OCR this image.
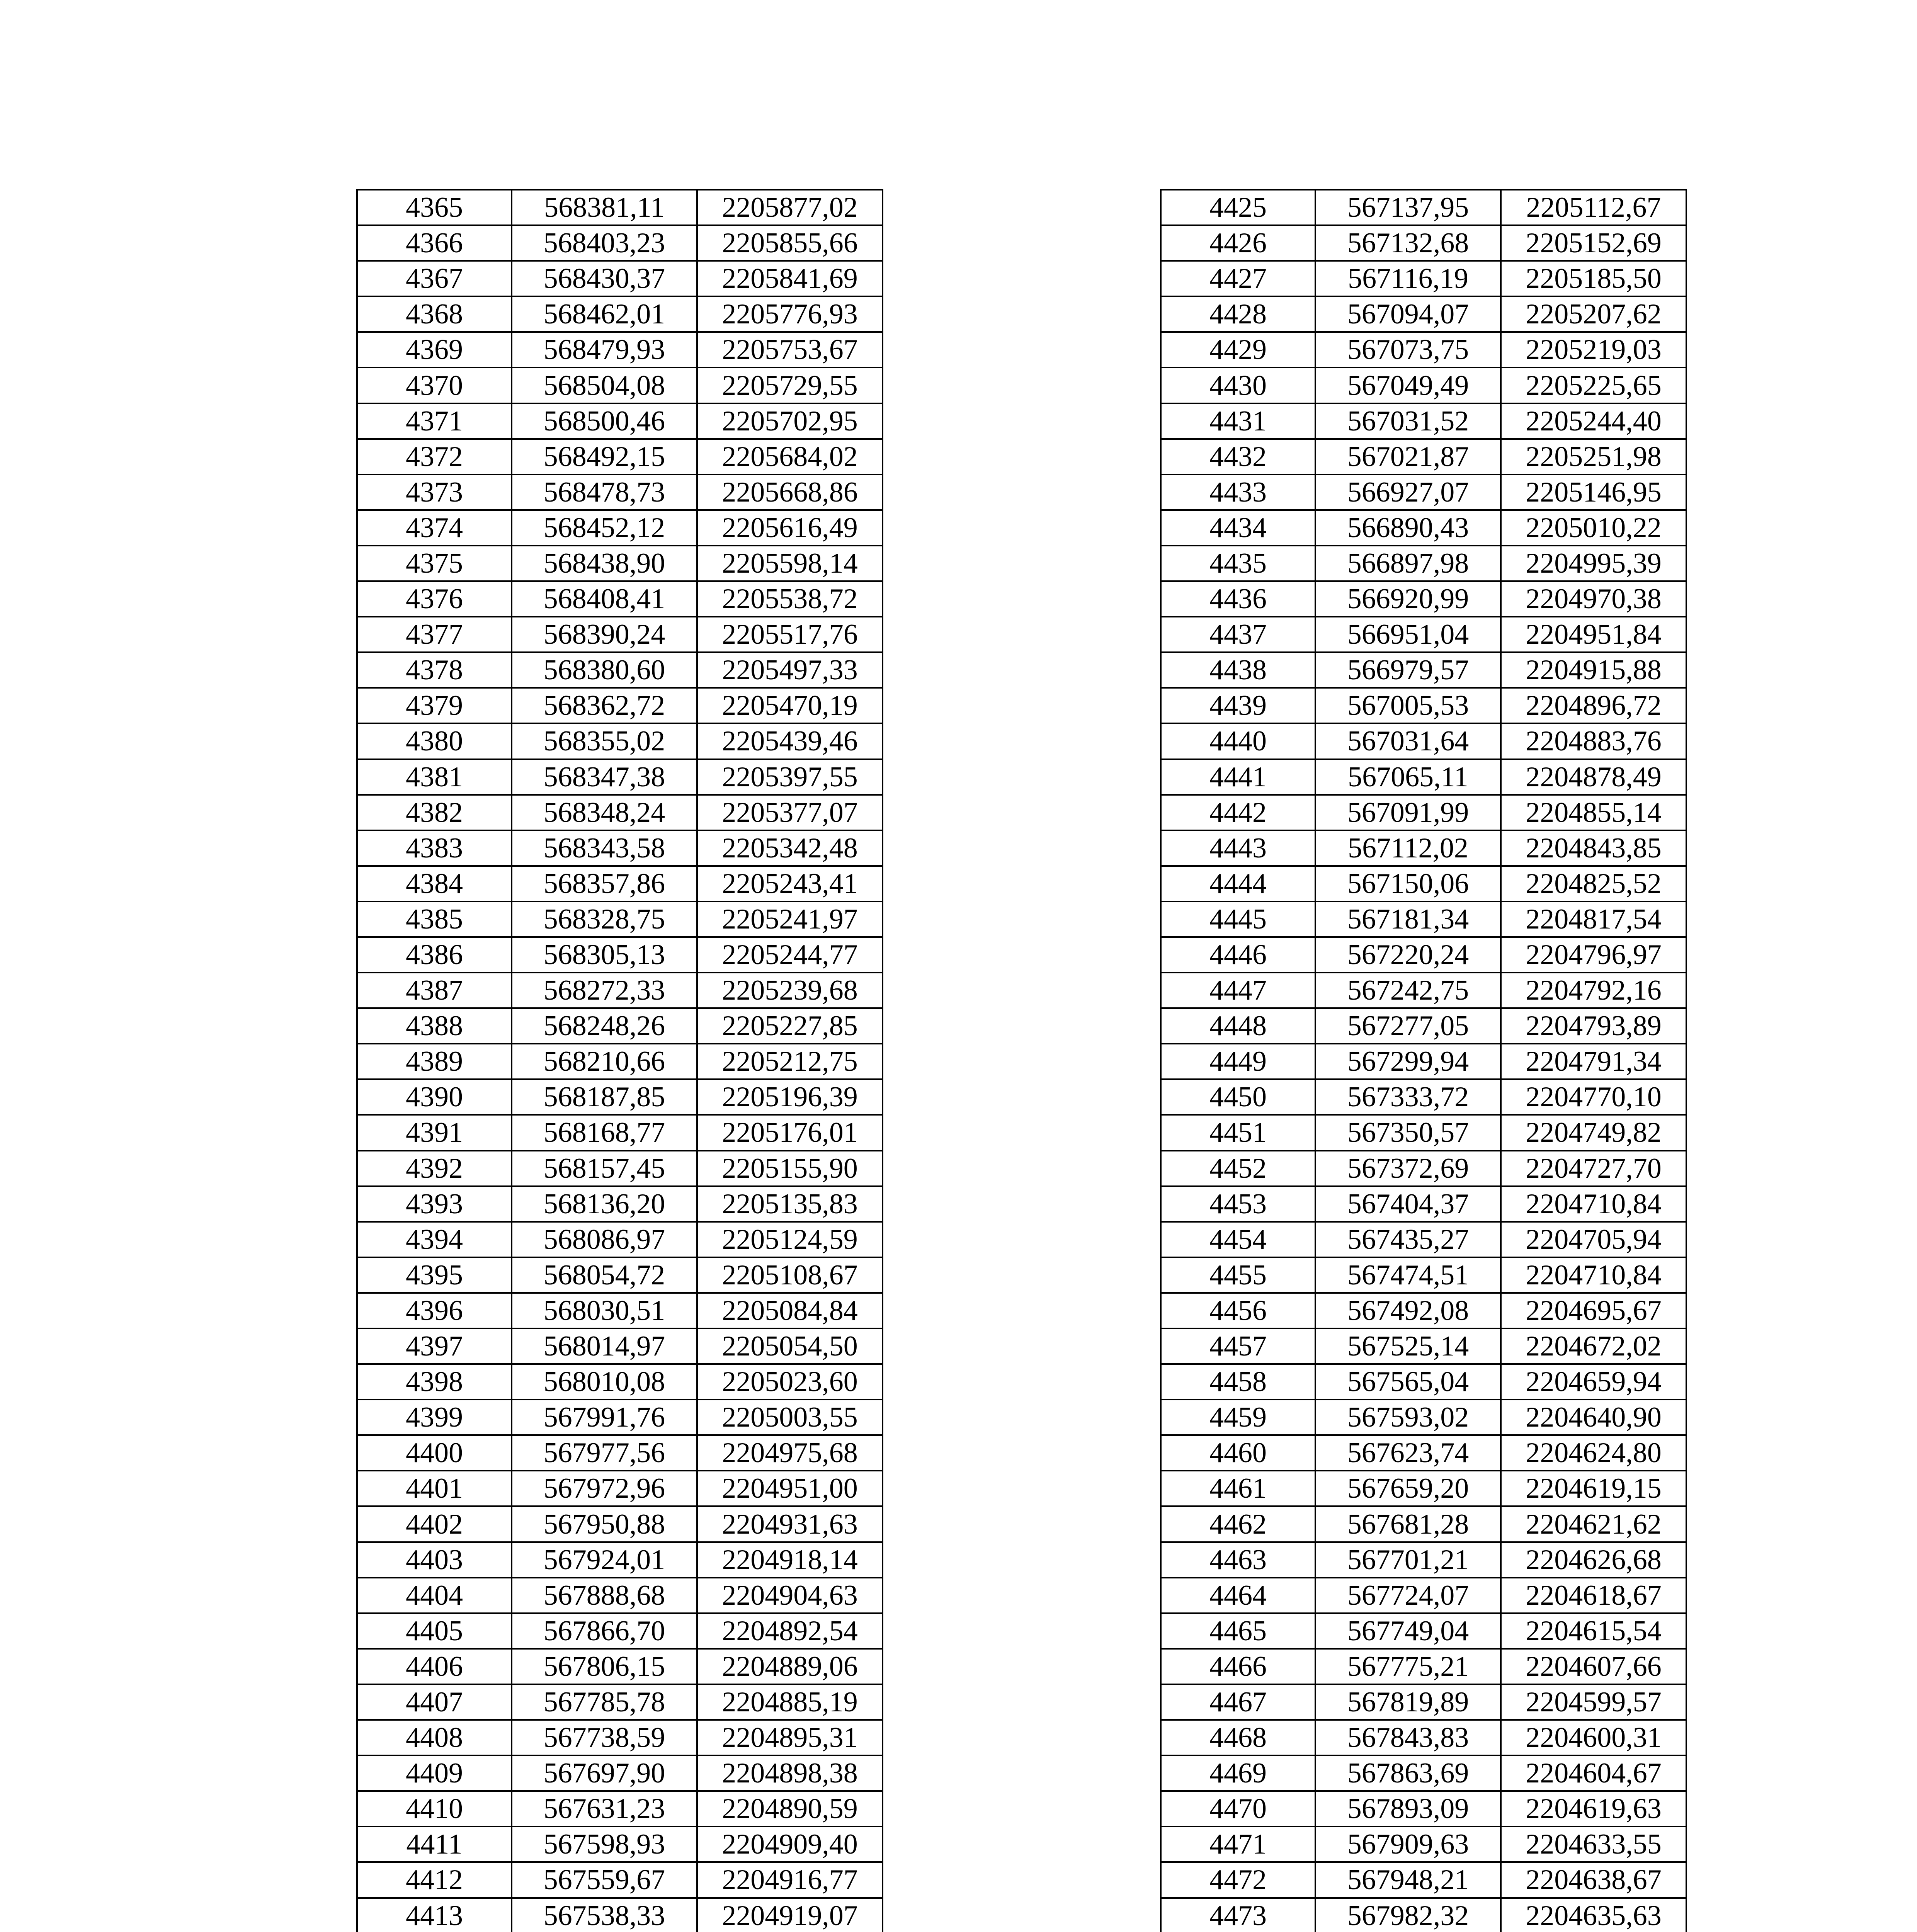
4365	568381,11	2205877,02
4366	568403,23	2205855,66
4367	568430,37	2205841,69
4368	568462,01	2205776,93
4369	568479,93	2205753,67
4370	568504,08	2205729,55
4371	568500,46	2205702,95
4372	568492,15	2205684,02
4373	568478,73	2205668,86
4374	568452,12	2205616,49
4375	568438,90	2205598,14
4376	568408,41	2205538,72
4377	568390,24	2205517,76
4378	568380,60	2205497,33
4379	568362,72	2205470,19
4380	568355,02	2205439,46
4381	568347,38	2205397,55
4382	568348,24	2205377,07
4383	568343,58	2205342,48
4384	568357,86	2205243,41
4385	568328,75	2205241,97
4386	568305,13	2205244,77
4387	568272,33	2205239,68
4388	568248,26	2205227,85
4389	568210,66	2205212,75
4390	568187,85	2205196,39
4391	568168,77	2205176,01
4392	568157,45	2205155,90
4393	568136,20	2205135,83
4394	568086,97	2205124,59
4395	568054,72	2205108,67
4396	568030,51	2205084,84
4397	568014,97	2205054,50
4398	568010,08	2205023,60
4399	567991,76	2205003,55
4400	567977,56	2204975,68
4401	567972,96	2204951,00
4402	567950,88	2204931,63
4403	567924,01	2204918,14
4404	567888,68	2204904,63
4405	567866,70	2204892,54
4406	567806,15	2204889,06
4407	567785,78	2204885,19
4408	567738,59	2204895,31
4409	567697,90	2204898,38
4410	567631,23	2204890,59
4411	567598,93	2204909,40
4412	567559,67	2204916,77
4413	567538,33	2204919,07

4425	567137,95	2205112,67
4426	567132,68	2205152,69
4427	567116,19	2205185,50
4428	567094,07	2205207,62
4429	567073,75	2205219,03
4430	567049,49	2205225,65
4431	567031,52	2205244,40
4432	567021,87	2205251,98
4433	566927,07	2205146,95
4434	566890,43	2205010,22
4435	566897,98	2204995,39
4436	566920,99	2204970,38
4437	566951,04	2204951,84
4438	566979,57	2204915,88
4439	567005,53	2204896,72
4440	567031,64	2204883,76
4441	567065,11	2204878,49
4442	567091,99	2204855,14
4443	567112,02	2204843,85
4444	567150,06	2204825,52
4445	567181,34	2204817,54
4446	567220,24	2204796,97
4447	567242,75	2204792,16
4448	567277,05	2204793,89
4449	567299,94	2204791,34
4450	567333,72	2204770,10
4451	567350,57	2204749,82
4452	567372,69	2204727,70
4453	567404,37	2204710,84
4454	567435,27	2204705,94
4455	567474,51	2204710,84
4456	567492,08	2204695,67
4457	567525,14	2204672,02
4458	567565,04	2204659,94
4459	567593,02	2204640,90
4460	567623,74	2204624,80
4461	567659,20	2204619,15
4462	567681,28	2204621,62
4463	567701,21	2204626,68
4464	567724,07	2204618,67
4465	567749,04	2204615,54
4466	567775,21	2204607,66
4467	567819,89	2204599,57
4468	567843,83	2204600,31
4469	567863,69	2204604,67
4470	567893,09	2204619,63
4471	567909,63	2204633,55
4472	567948,21	2204638,67
4473	567982,32	2204635,63
